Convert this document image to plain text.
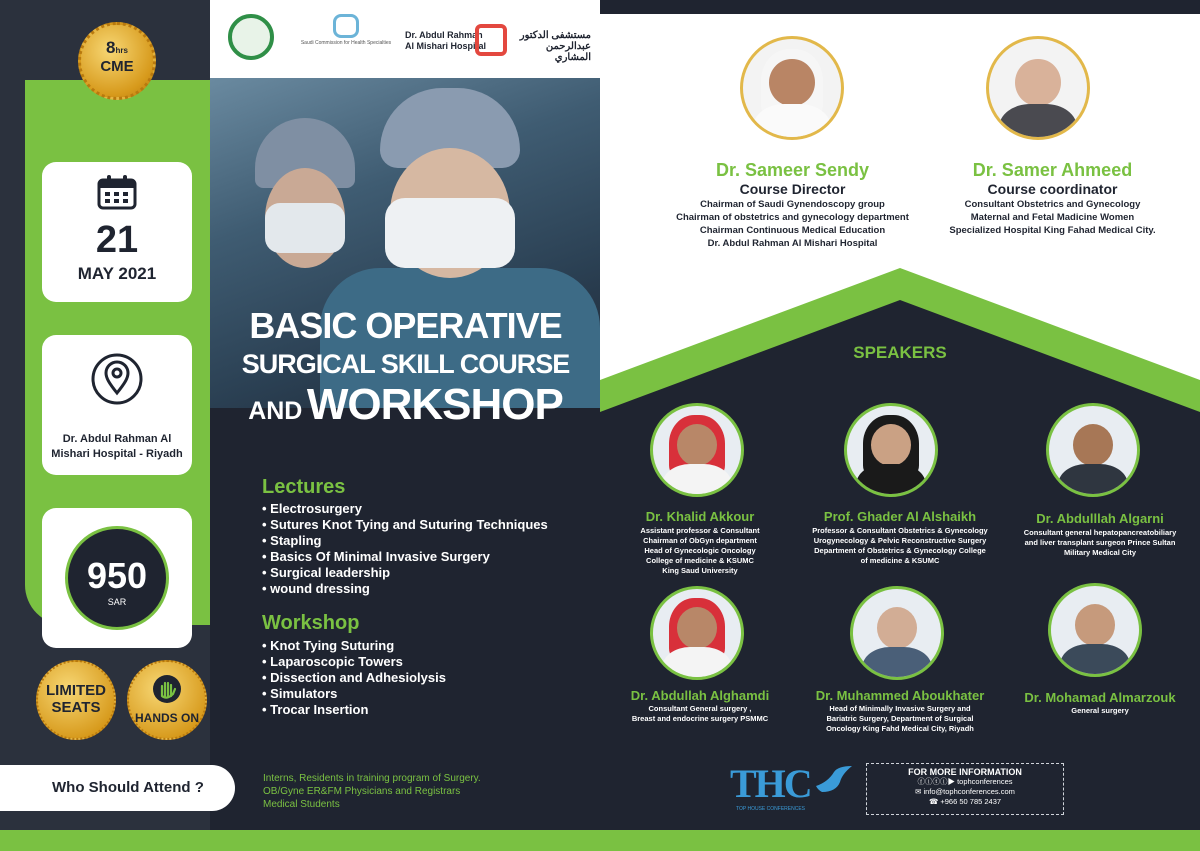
Saudi Commission for Health Specialties
Dr. Abdul Rahman
Al Mishari Hospital
مستشفى الدكتور
عبدالرحمن المشاري
8hrs
CME
21
MAY 2021
Dr. Abdul Rahman Al Mishari Hospital - Riyadh
950
SAR
LIMITED SEATS
HANDS ON
BASIC OPERATIVE
SURGICAL SKILL COURSE
AND WORKSHOP
Lectures
• Electrosurgery
• Sutures Knot Tying and Suturing Techniques
• Stapling
• Basics Of Minimal Invasive Surgery
• Surgical leadership
• wound dressing
Workshop
• Knot Tying Suturing
• Laparoscopic Towers
• Dissection and Adhesiolysis
• Simulators
• Trocar Insertion
Who Should Attend ?
Interns, Residents in training program of Surgery.
OB/Gyne ER&FM Physicians and Registrars
Medical Students
Dr. Sameer Sendy
Course Director
Chairman of Saudi Gynendoscopy group
Chairman of obstetrics and gynecology department
Chairman Continuous Medical Education
Dr. Abdul Rahman Al Mishari Hospital
Dr. Samer Ahmeed
Course coordinator
Consultant Obstetrics and Gynecology
Maternal and Fetal Madicine Women
Specialized Hospital King Fahad Medical City.
SPEAKERS
Dr. Khalid Akkour
Assistant professor & Consultant
Chairman of ObGyn department
Head of Gynecologic Oncology
College of medicine & KSUMC
King Saud University
Prof. Ghader Al Alshaikh
Professor & Consultant Obstetrics & Gynecology
Urogynecology & Pelvic Reconstructive Surgery
Department of Obstetrics & Gynecology College
of medicine & KSUMC
Dr. Abdulllah Algarni
Consultant general hepatopancreatobiliary
and liver transplant surgeon Prince Sultan
Military Medical City
Dr. Abdullah Alghamdi
Consultant General surgery ,
Breast and endocrine surgery PSMMC
Dr. Muhammed Aboukhater
Head of Minimally Invasive Surgery and
Bariatric Surgery, Department of Surgical
Oncology King Fahd Medical City, Riyadh
Dr. Mohamad Almarzouk
General surgery
THC
TOP HOUSE CONFERENCES
FOR MORE INFORMATION
ⓕⓘⓣⓘ▶ tophconferences
✉ info@tophconferences.com
☎ +966 50 785 2437
